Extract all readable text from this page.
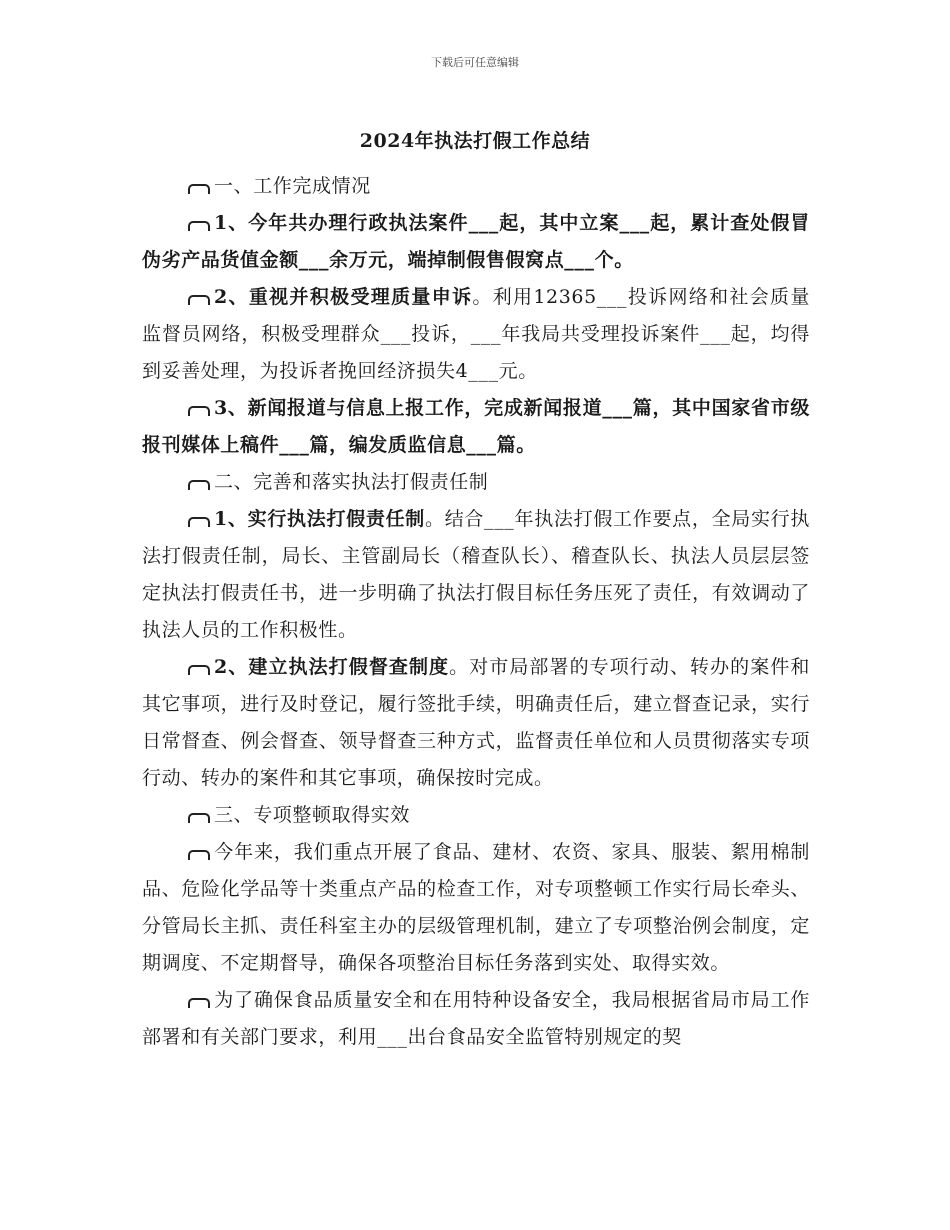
下载后可任意编辑
2024年执法打假工作总结

一、工作完成情况

1、今年共办理行政执法案件___起，其中立案___起，累计查处假冒伪劣产品货值金额___余万元，端掉制假售假窝点___个。

2、重视并积极受理质量申诉。利用12365___投诉网络和社会质量监督员网络，积极受理群众___投诉，___年我局共受理投诉案件___起，均得到妥善处理，为投诉者挽回经济损失4___元。

3、新闻报道与信息上报工作，完成新闻报道___篇，其中国家省市级报刊媒体上稿件___篇，编发质监信息___篇。

二、完善和落实执法打假责任制

1、实行执法打假责任制。结合___年执法打假工作要点，全局实行执法打假责任制，局长、主管副局长（稽查队长）、稽查队长、执法人员层层签定执法打假责任书，进一步明确了执法打假目标任务压死了责任，有效调动了执法人员的工作积极性。

2、建立执法打假督查制度。对市局部署的专项行动、转办的案件和其它事项，进行及时登记，履行签批手续，明确责任后，建立督查记录，实行日常督查、例会督查、领导督查三种方式，监督责任单位和人员贯彻落实专项行动、转办的案件和其它事项，确保按时完成。

三、专项整顿取得实效

今年来，我们重点开展了食品、建材、农资、家具、服装、絮用棉制品、危险化学品等十类重点产品的检查工作，对专项整顿工作实行局长牵头、分管局长主抓、责任科室主办的层级管理机制，建立了专项整治例会制度，定期调度、不定期督导，确保各项整治目标任务落到实处、取得实效。

为了确保食品质量安全和在用特种设备安全，我局根据省局市局工作部署和有关部门要求，利用___出台食品安全监管特别规定的契
